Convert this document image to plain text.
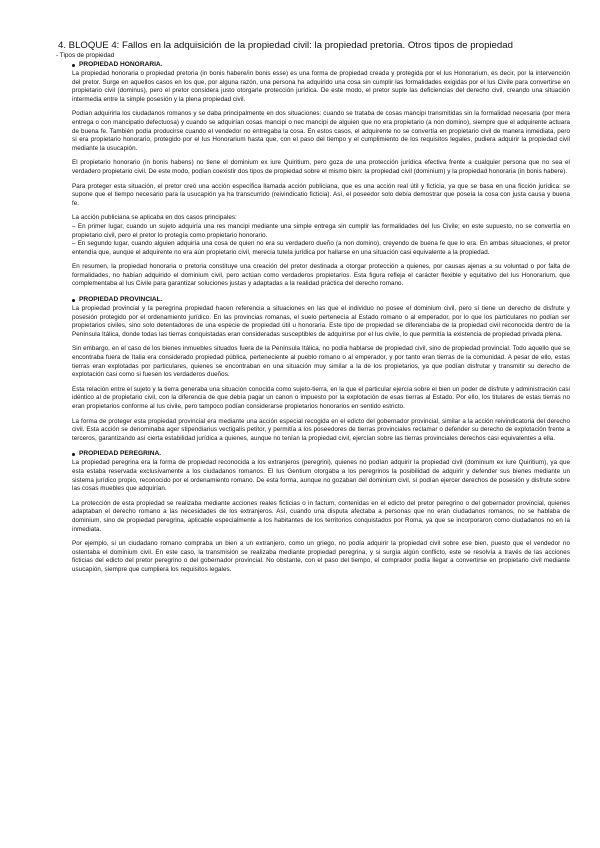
4. BLOQUE 4: Fallos en la adquisición de la propiedad civil: la propiedad pretoria. Otros tipos de propiedad

- Tipos de propiedad

PROPIEDAD HONORARIA.

La propiedad honoraria o propiedad pretoria (in bonis habere/in bonis esse) es una forma de propiedad creada y protegida por el Ius Honorarium, es decir, por la intervención del pretor. Surge en aquellos casos en los que, por alguna razón, una persona ha adquirido una cosa sin cumplir las formalidades exigidas por el Ius Civile para convertirse en propietario civil (dominus), pero el pretor considera justo otorgarle protección jurídica. De este modo, el pretor suple las deficiencias del derecho civil, creando una situación intermedia entre la simple posesión y la plena propiedad civil.

Podían adquirirla los ciudadanos romanos y se daba principalmente en dos situaciones: cuando se trataba de cosas mancipi transmitidas sin la formalidad necesaria (por mera entrega o con mancipatio defectuosa) y cuando se adquirían cosas mancipi o nec mancipi de alguien que no era propietario (a non domino), siempre que el adquirente actuara de buena fe. También podía producirse cuando el vendedor no entregaba la cosa. En estos casos, el adquirente no se convertía en propietario civil de manera inmediata, pero sí era propietario honorario, protegido por el Ius Honorarium hasta que, con el paso del tiempo y el cumplimiento de los requisitos legales, pudiera adquirir la propiedad civil mediante la usucapión.

El propietario honorario (in bonis habens) no tiene el dominium ex iure Quiritium, pero goza de una protección jurídica efectiva frente a cualquier persona que no sea el verdadero propietario civil. De este modo, podían coexistir dos tipos de propiedad sobre el mismo bien: la propiedad civil (dominium) y la propiedad honoraria (in bonis habere).

Para proteger esta situación, el pretor creó una acción específica llamada acción publiciana, que es una acción real útil y ficticia, ya que se basa en una ficción jurídica: se supone que el tiempo necesario para la usucapión ya ha transcurrido (reivindicatio ficticia). Así, el poseedor solo debía demostrar que poseía la cosa con justa causa y buena fe.

La acción publiciana se aplicaba en dos casos principales:
– En primer lugar, cuando un sujeto adquiría una res mancipi mediante una simple entrega sin cumplir las formalidades del Ius Civile; en este supuesto, no se convertía en propietario civil, pero el pretor lo protegía como propietario honorario.
– En segundo lugar, cuando alguien adquiría una cosa de quien no era su verdadero dueño (a non domino), creyendo de buena fe que lo era. En ambas situaciones, el pretor entendía que, aunque el adquirente no era aún propietario civil, merecía tutela jurídica por hallarse en una situación casi equivalente a la propiedad.

En resumen, la propiedad honoraria o pretoria constituye una creación del pretor destinada a otorgar protección a quienes, por causas ajenas a su voluntad o por falta de formalidades, no habían adquirido el dominium civil, pero actúan como verdaderos propietarios. Esta figura refleja el carácter flexible y equitativo del Ius Honorarium, que complementaba al Ius Civile para garantizar soluciones justas y adaptadas a la realidad práctica del derecho romano.

PROPIEDAD PROVINCIAL.

La propiedad provincial y la peregrina propiedad hacen referencia a situaciones en las que el individuo no posee el dominium civil, pero sí tiene un derecho de disfrute y posesión protegido por el ordenamiento jurídico. En las provincias romanas, el suelo pertenecía al Estado romano o al emperador, por lo que los particulares no podían ser propietarios civiles, sino solo detentadores de una especie de propiedad útil u honoraria. Este tipo de propiedad se diferenciaba de la propiedad civil reconocida dentro de la Península Itálica, donde todas las tierras conquistadas eran consideradas susceptibles de adquirirse por el Ius civile, lo que permitía la existencia de propiedad privada plena.

Sin embargo, en el caso de los bienes inmuebles situados fuera de la Península Itálica, no podía hablarse de propiedad civil, sino de propiedad provincial. Todo aquello que se encontraba fuera de Italia era considerado propiedad pública, perteneciente al pueblo romano o al emperador, y por tanto eran tierras de la comunidad. A pesar de ello, estas tierras eran explotadas por particulares, quienes se encontraban en una situación muy similar a la de los propietarios, ya que podían disfrutar y transmitir su derecho de explotación casi como si fuesen los verdaderos dueños.

Esta relación entre el sujeto y la tierra generaba una situación conocida como sujeto-tierra, en la que el particular ejercía sobre el bien un poder de disfrute y administración casi idéntico al de propietario civil, con la diferencia de que debía pagar un canon o impuesto por la explotación de esas tierras al Estado. Por ello, los titulares de estas tierras no eran propietarios conforme al Ius civile, pero tampoco podían considerarse propietarios honorarios en sentido estricto.

La forma de proteger esta propiedad provincial era mediante una acción especial recogida en el edicto del gobernador provincial, similar a la acción reivindicatoria del derecho civil. Esta acción se denominaba ager stipendiarius vectigalis petitor, y permitía a los poseedores de tierras provinciales reclamar o defender su derecho de explotación frente a terceros, garantizando así cierta estabilidad jurídica a quienes, aunque no tenían la propiedad civil, ejercían sobre las tierras provinciales derechos casi equivalentes a ella.

PROPIEDAD PEREGRINA.

La propiedad peregrina era la forma de propiedad reconocida a los extranjeros (peregrini), quienes no podían adquirir la propiedad civil (dominium ex iure Quiritium), ya que esta estaba reservada exclusivamente a los ciudadanos romanos. El Ius Gentium otorgaba a los peregrinos la posibilidad de adquirir y defender sus bienes mediante un sistema jurídico propio, reconocido por el ordenamiento romano. De esta forma, aunque no gozaban del dominium civil, sí podían ejercer derechos de posesión y disfrute sobre las cosas muebles que adquirían.

La protección de esta propiedad se realizaba mediante acciones reales ficticias o in factum, contenidas en el edicto del pretor peregrino o del gobernador provincial, quienes adaptaban el derecho romano a las necesidades de los extranjeros. Así, cuando una disputa afectaba a personas que no eran ciudadanos romanos, no se hablaba de dominium, sino de propiedad peregrina, aplicable especialmente a los habitantes de los territorios conquistados por Roma, ya que se incorporaron como ciudadanos no en la inmediata.

Por ejemplo, si un ciudadano romano compraba un bien a un extranjero, como un griego, no podía adquirir la propiedad civil sobre ese bien, puesto que el vendedor no ostentaba el dominium civil. En este caso, la transmisión se realizaba mediante propiedad peregrina, y si surgía algún conflicto, este se resolvía a través de las acciones ficticias del edicto del pretor peregrino o del gobernador provincial. No obstante, con el paso del tiempo, el comprador podía llegar a convertirse en propietario civil mediante usucapión, siempre que cumpliera los requisitos legales.
